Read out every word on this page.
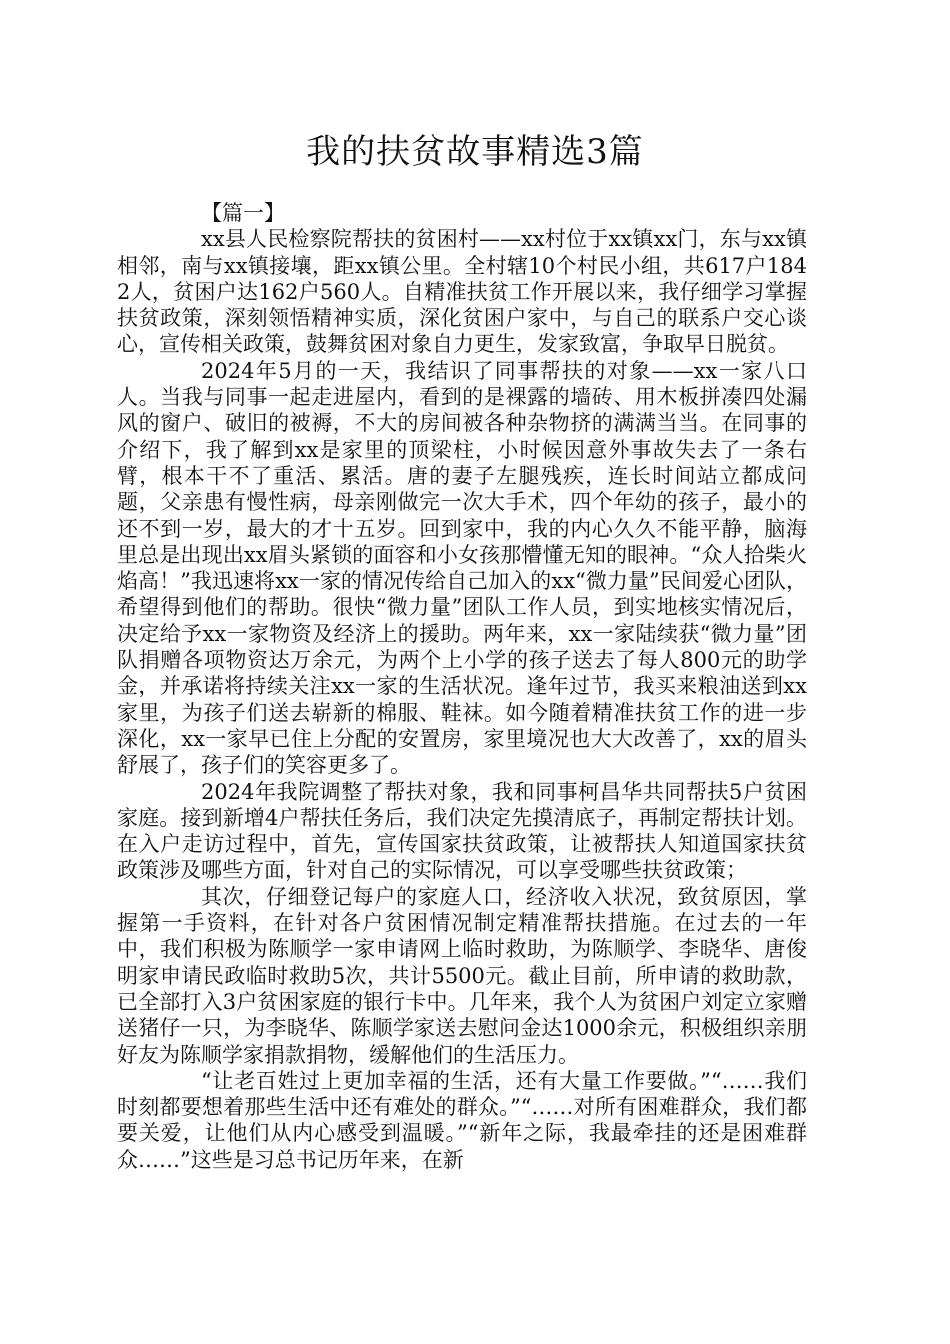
我的扶贫故事精选3篇

【篇一】

xx县人民检察院帮扶的贫困村——xx村位于xx镇xx门，东与xx镇相邻，南与xx镇接壤，距xx镇公里。全村辖10个村民小组，共617户1842人，贫困户达162户560人。自精准扶贫工作开展以来，我仔细学习掌握扶贫政策，深刻领悟精神实质，深化贫困户家中，与自己的联系户交心谈心，宣传相关政策，鼓舞贫困对象自力更生，发家致富，争取早日脱贫。

2024年5月的一天，我结识了同事帮扶的对象——xx一家八口人。当我与同事一起走进屋内，看到的是裸露的墙砖、用木板拼凑四处漏风的窗户、破旧的被褥，不大的房间被各种杂物挤的满满当当。在同事的介绍下，我了解到xx是家里的顶梁柱，小时候因意外事故失去了一条右臂，根本干不了重活、累活。唐的妻子左腿残疾，连长时间站立都成问题，父亲患有慢性病，母亲刚做完一次大手术，四个年幼的孩子，最小的还不到一岁，最大的才十五岁。回到家中，我的内心久久不能平静，脑海里总是出现出xx眉头紧锁的面容和小女孩那懵懂无知的眼神。“众人拾柴火焰高！”我迅速将xx一家的情况传给自己加入的xx“微力量”民间爱心团队，希望得到他们的帮助。很快“微力量”团队工作人员，到实地核实情况后，决定给予xx一家物资及经济上的援助。两年来，xx一家陆续获“微力量”团队捐赠各项物资达万余元，为两个上小学的孩子送去了每人800元的助学金，并承诺将持续关注xx一家的生活状况。逢年过节，我买来粮油送到xx家里，为孩子们送去崭新的棉服、鞋袜。如今随着精准扶贫工作的进一步深化，xx一家早已住上分配的安置房，家里境况也大大改善了，xx的眉头舒展了，孩子们的笑容更多了。

2024年我院调整了帮扶对象，我和同事柯昌华共同帮扶5户贫困家庭。接到新增4户帮扶任务后，我们决定先摸清底子，再制定帮扶计划。在入户走访过程中，首先，宣传国家扶贫政策，让被帮扶人知道国家扶贫政策涉及哪些方面，针对自己的实际情况，可以享受哪些扶贫政策；

其次，仔细登记每户的家庭人口，经济收入状况，致贫原因，掌握第一手资料，在针对各户贫困情况制定精准帮扶措施。在过去的一年中，我们积极为陈顺学一家申请网上临时救助，为陈顺学、李晓华、唐俊明家申请民政临时救助5次，共计5500元。截止目前，所申请的救助款，已全部打入3户贫困家庭的银行卡中。几年来，我个人为贫困户刘定立家赠送猪仔一只，为李晓华、陈顺学家送去慰问金达1000余元，积极组织亲朋好友为陈顺学家捐款捐物，缓解他们的生活压力。

“让老百姓过上更加幸福的生活，还有大量工作要做。”“……我们时刻都要想着那些生活中还有难处的群众。”“……对所有困难群众，我们都要关爱，让他们从内心感受到温暖。”“新年之际，我最牵挂的还是困难群众……”这些是习总书记历年来，在新
